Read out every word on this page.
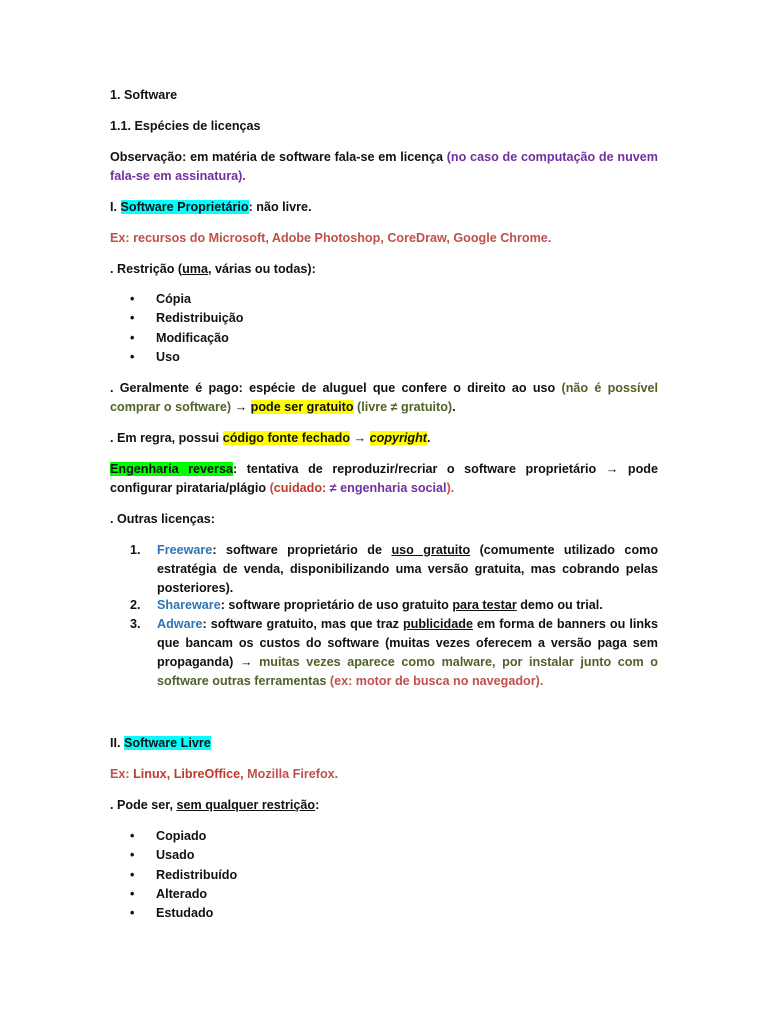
1. Software
1.1. Espécies de licenças
Observação: em matéria de software fala-se em licença (no caso de computação de nuvem fala-se em assinatura).
I. Software Proprietário: não livre.
Ex: recursos do Microsoft, Adobe Photoshop, CoreDraw, Google Chrome.
. Restrição (uma, várias ou todas):
• Cópia
• Redistribuição
• Modificação
• Uso
. Geralmente é pago: espécie de aluguel que confere o direito ao uso (não é possível comprar o software) → pode ser gratuito (livre ≠ gratuito).
. Em regra, possui código fonte fechado → copyright.
Engenharia reversa: tentativa de reproduzir/recriar o software proprietário → pode configurar pirataria/plágio (cuidado: ≠ engenharia social).
. Outras licenças:
1. Freeware: software proprietário de uso gratuito (comumente utilizado como estratégia de venda, disponibilizando uma versão gratuita, mas cobrando pelas posteriores).
2. Shareware: software proprietário de uso gratuito para testar demo ou trial.
3. Adware: software gratuito, mas que traz publicidade em forma de banners ou links que bancam os custos do software (muitas vezes oferecem a versão paga sem propaganda) → muitas vezes aparece como malware, por instalar junto com o software outras ferramentas (ex: motor de busca no navegador).
II. Software Livre
Ex: Linux, LibreOffice, Mozilla Firefox.
. Pode ser, sem qualquer restrição:
• Copiado
• Usado
• Redistribuído
• Alterado
• Estudado
